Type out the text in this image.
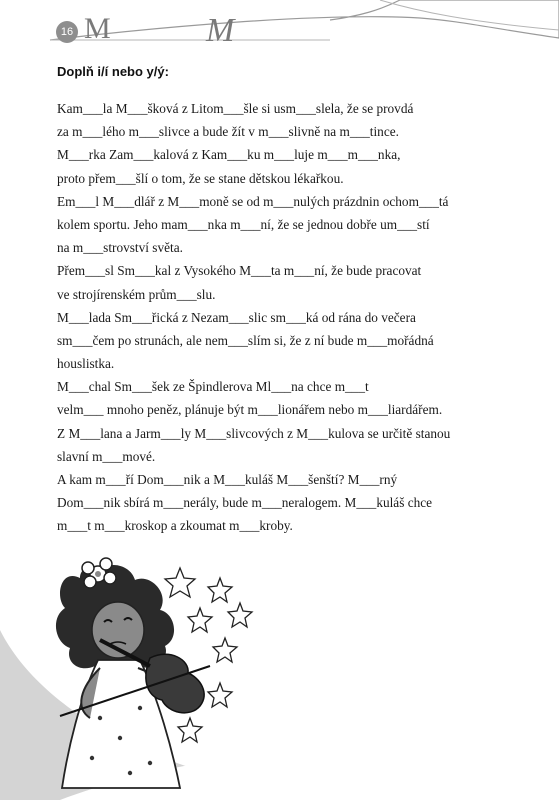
16 M	M
Doplň i/í nebo y/ý:
Kam___la M___šková z Litom___šle si usm___slela, že se provdá
za m___lého m___slivce a bude žít v m___slivně na m___tince.
M___rka Zam___kalová z Kam___ku m___luje m___m___nka,
proto přem___šlí o tom, že se stane dětskou lékařkou.
Em___l M___dlář z M___moně se od m___nulých prázdnin ochom___tá
kolem sportu. Jeho mam___nka m___ní, že se jednou dobře um___stí
na m___strovství světa.
Přem___sl Sm___kal z Vysokého M___ta m___ní, že bude pracovat
ve strojírenském prům___slu.
M___lada Sm___řická z Nezam___slic sm___ká od rána do večera
sm___čem po strunách, ale nem___slím si, že z ní bude m___mořádná
houslistka.
M___chal Sm___šek ze Špindlerova Ml___na chce m___t
velm___ mnoho peněz, plánuje být m___lionářem nebo m___liardářem.
Z M___lana a Jarm___ly M___slivcových z M___kulova se určitě stanou
slavní m___mové.
A kam m___ří Dom___nik a M___kuláš M___šenští? M___rný
Dom___nik sbírá m___nerály, bude m___neralogem. M___kuláš chce
m___t m___kroskop a zkoumat m___kroby.
